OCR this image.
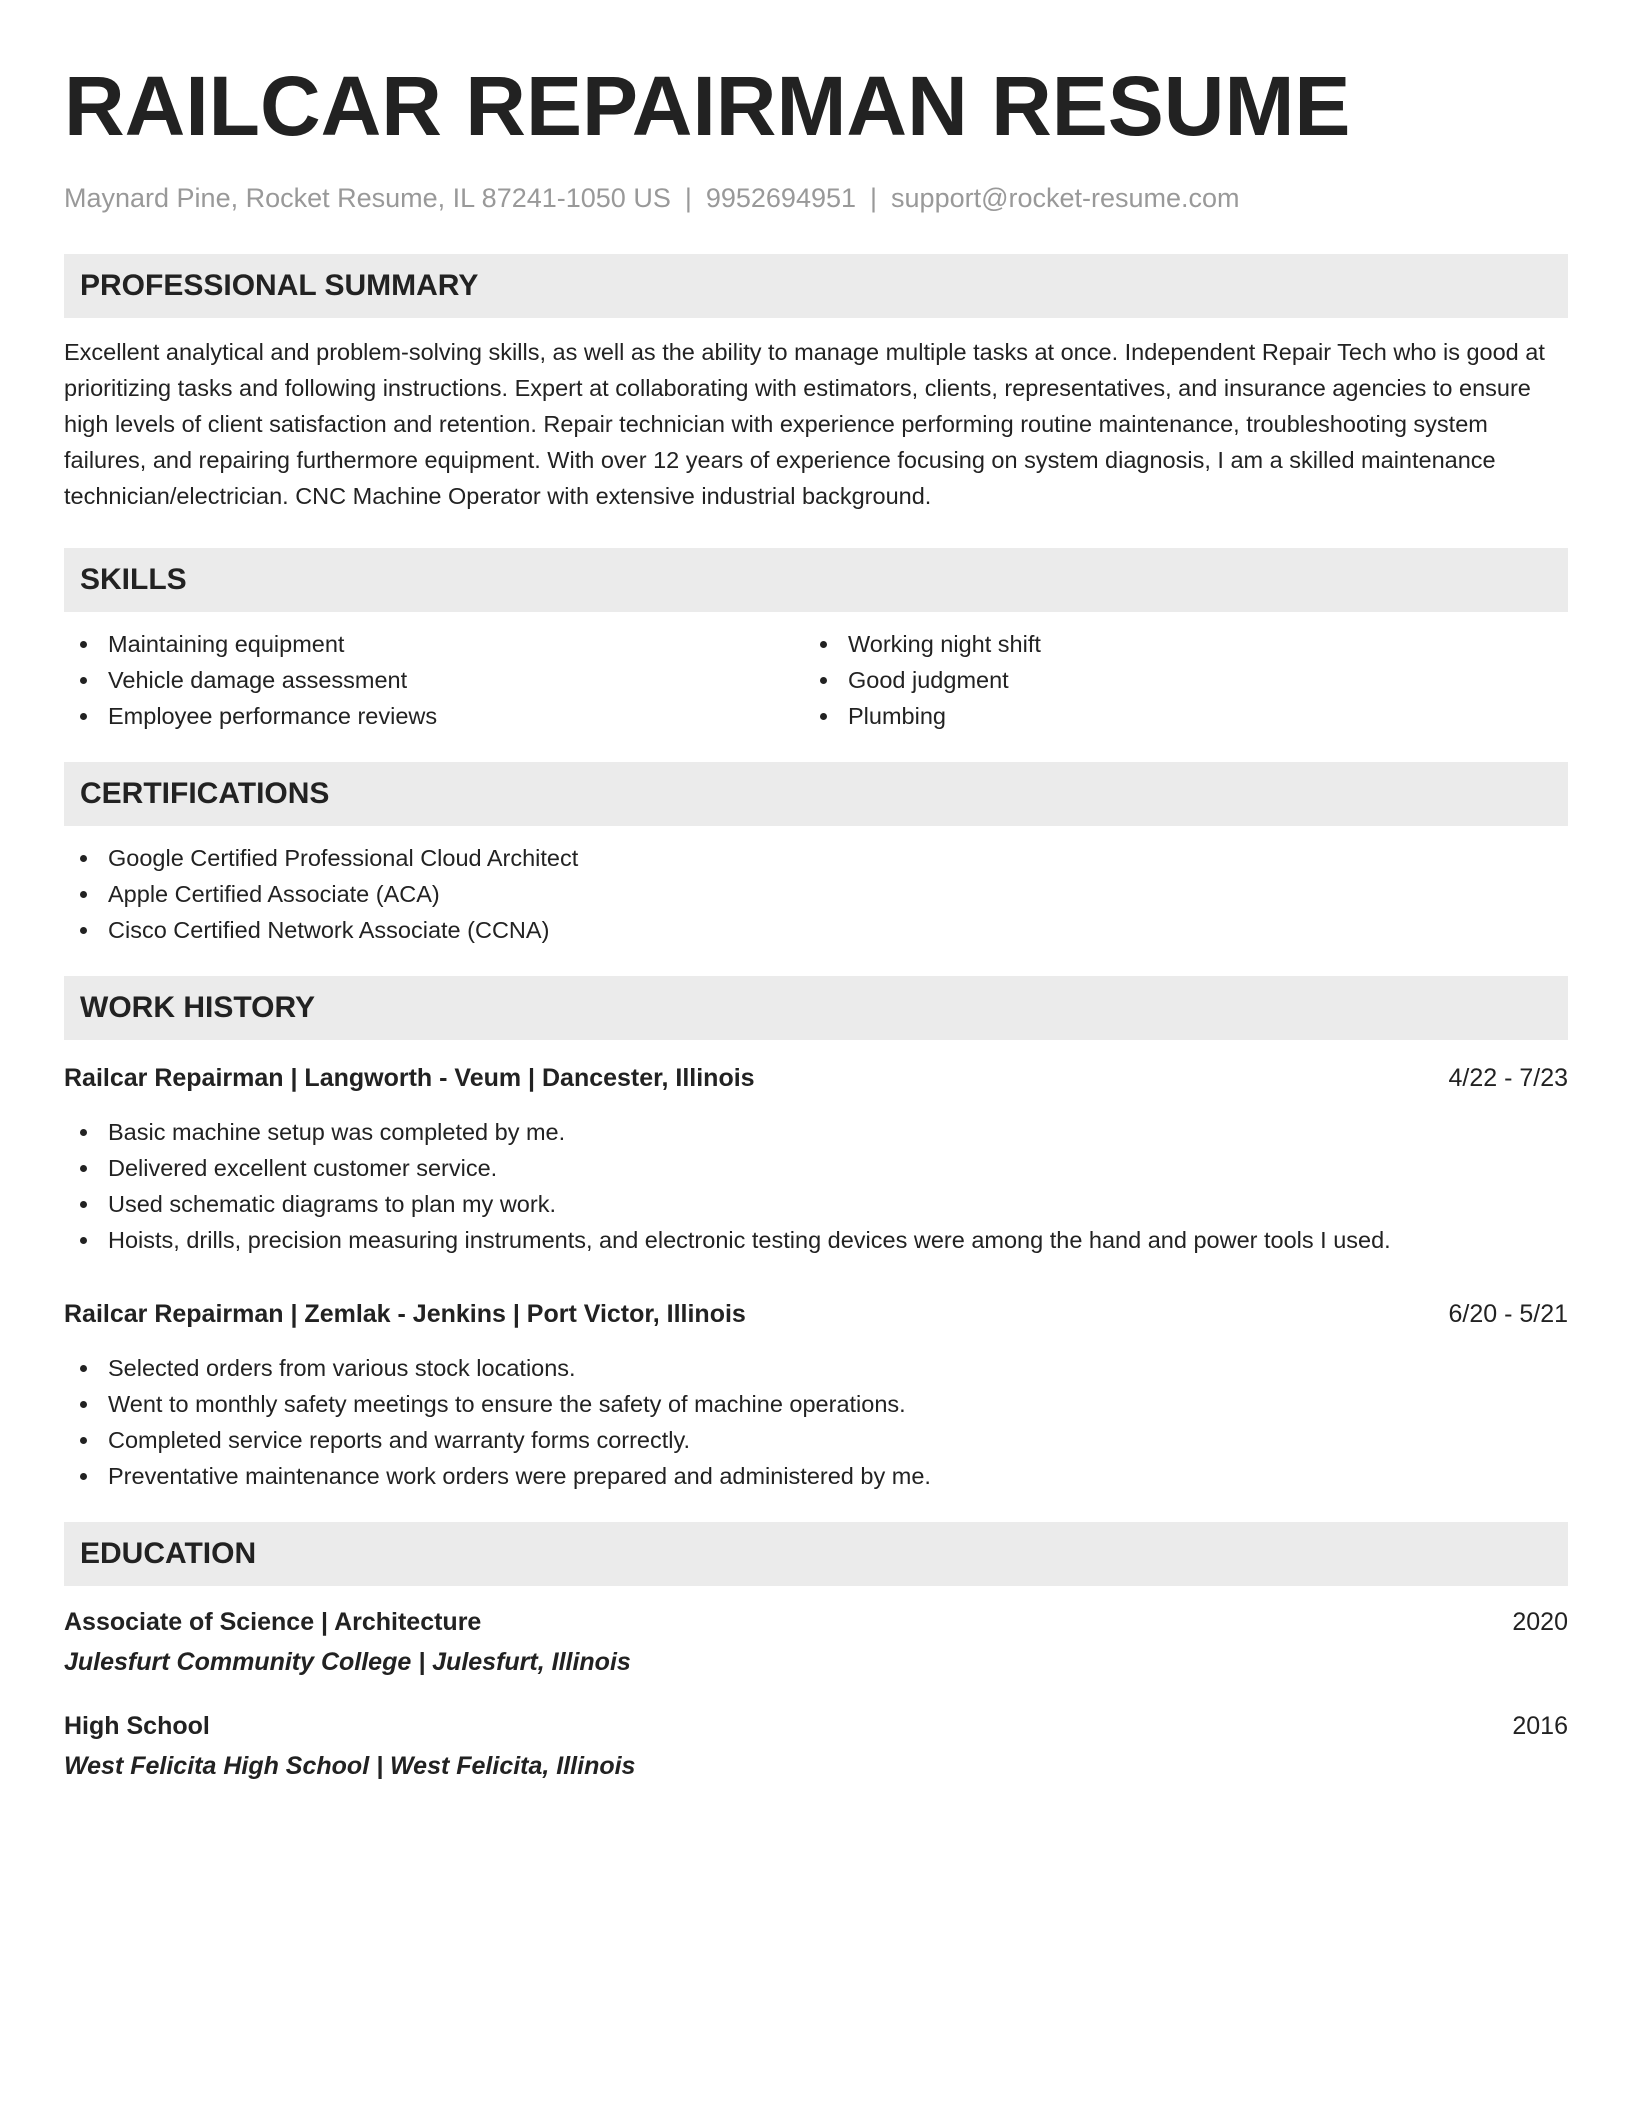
RAILCAR REPAIRMAN RESUME
Maynard Pine, Rocket Resume, IL 87241-1050 US | 9952694951 | support@rocket-resume.com
PROFESSIONAL SUMMARY

Excellent analytical and problem-solving skills, as well as the ability to manage multiple tasks at once. Independent Repair Tech who is good at prioritizing tasks and following instructions. Expert at collaborating with estimators, clients, representatives, and insurance agencies to ensure high levels of client satisfaction and retention. Repair technician with experience performing routine maintenance, troubleshooting system failures, and repairing furthermore equipment. With over 12 years of experience focusing on system diagnosis, I am a skilled maintenance technician/electrician. CNC Machine Operator with extensive industrial background.

SKILLS
Maintaining equipment
Vehicle damage assessment
Employee performance reviews
Working night shift
Good judgment
Plumbing
CERTIFICATIONS
Google Certified Professional Cloud Architect
Apple Certified Associate (ACA)
Cisco Certified Network Associate (CCNA)
WORK HISTORY
Railcar Repairman | Langworth - Veum | Dancester, Illinois	4/22 - 7/23
Basic machine setup was completed by me.
Delivered excellent customer service.
Used schematic diagrams to plan my work.
Hoists, drills, precision measuring instruments, and electronic testing devices were among the hand and power tools I used.
Railcar Repairman | Zemlak - Jenkins | Port Victor, Illinois	6/20 - 5/21
Selected orders from various stock locations.
Went to monthly safety meetings to ensure the safety of machine operations.
Completed service reports and warranty forms correctly.
Preventative maintenance work orders were prepared and administered by me.
EDUCATION
Associate of Science | Architecture	2020
Julesfurt Community College | Julesfurt, Illinois
High School	2016
West Felicita High School | West Felicita, Illinois
